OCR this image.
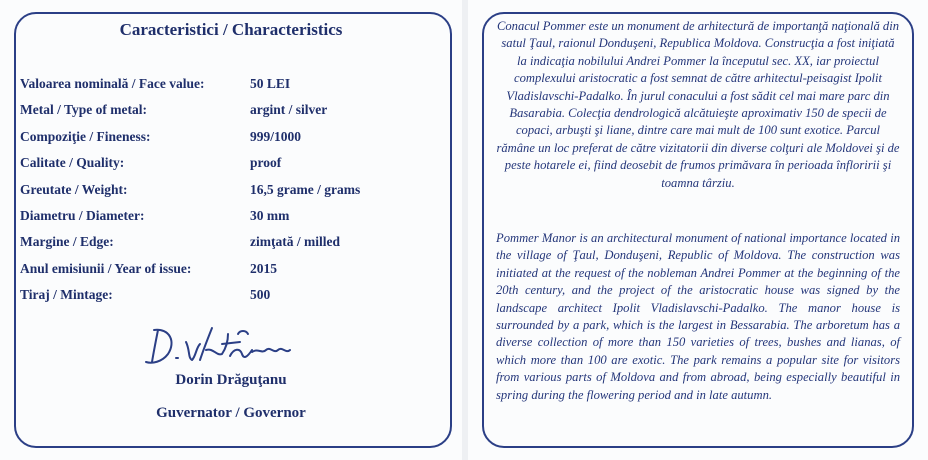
Caracteristici / Characteristics
Valoarea nominală / Face value:	50 LEI
Metal / Type of metal:	argint / silver
Compoziţie / Fineness:	999/1000
Calitate / Quality:	proof
Greutate / Weight:	16,5 grame / grams
Diametru / Diameter:	30 mm
Margine / Edge:	zimţată / milled
Anul emisiunii / Year of issue:	2015
Tiraj / Mintage:	500
Dorin Drăguţanu
Guvernator / Governor

Conacul Pommer este un monument de arhitectură de importanţă naţională din satul Ţaul, raionul Donduşeni, Republica Moldova. Construcţia a fost iniţiată la indicaţia nobilului Andrei Pommer la începutul sec. XX, iar proiectul complexului aristocratic a fost semnat de către arhitectul-peisagist Ipolit Vladislavschi-Padalko. În jurul conacului a fost sădit cel mai mare parc din Basarabia. Colecţia dendrologică alcătuieşte aproximativ 150 de specii de copaci, arbuşti şi liane, dintre care mai mult de 100 sunt exotice. Parcul rămâne un loc preferat de către vizitatorii din diverse colţuri ale Moldovei şi de peste hotarele ei, fiind deosebit de frumos primăvara în perioada înfloririi şi toamna târziu.

Pommer Manor is an architectural monument of national importance located in the village of Ţaul, Donduşeni, Republic of Moldova. The construction was initiated at the request of the nobleman Andrei Pommer at the beginning of the 20th century, and the project of the aristocratic house was signed by the landscape architect Ipolit Vladislavschi-Padalko. The manor house is surrounded by a park, which is the largest in Bessarabia. The arboretum has a diverse collection of more than 150 varieties of trees, bushes and lianas, of which more than 100 are exotic. The park remains a popular site for visitors from various parts of Moldova and from abroad, being especially beautiful in spring during the flowering period and in late autumn.
